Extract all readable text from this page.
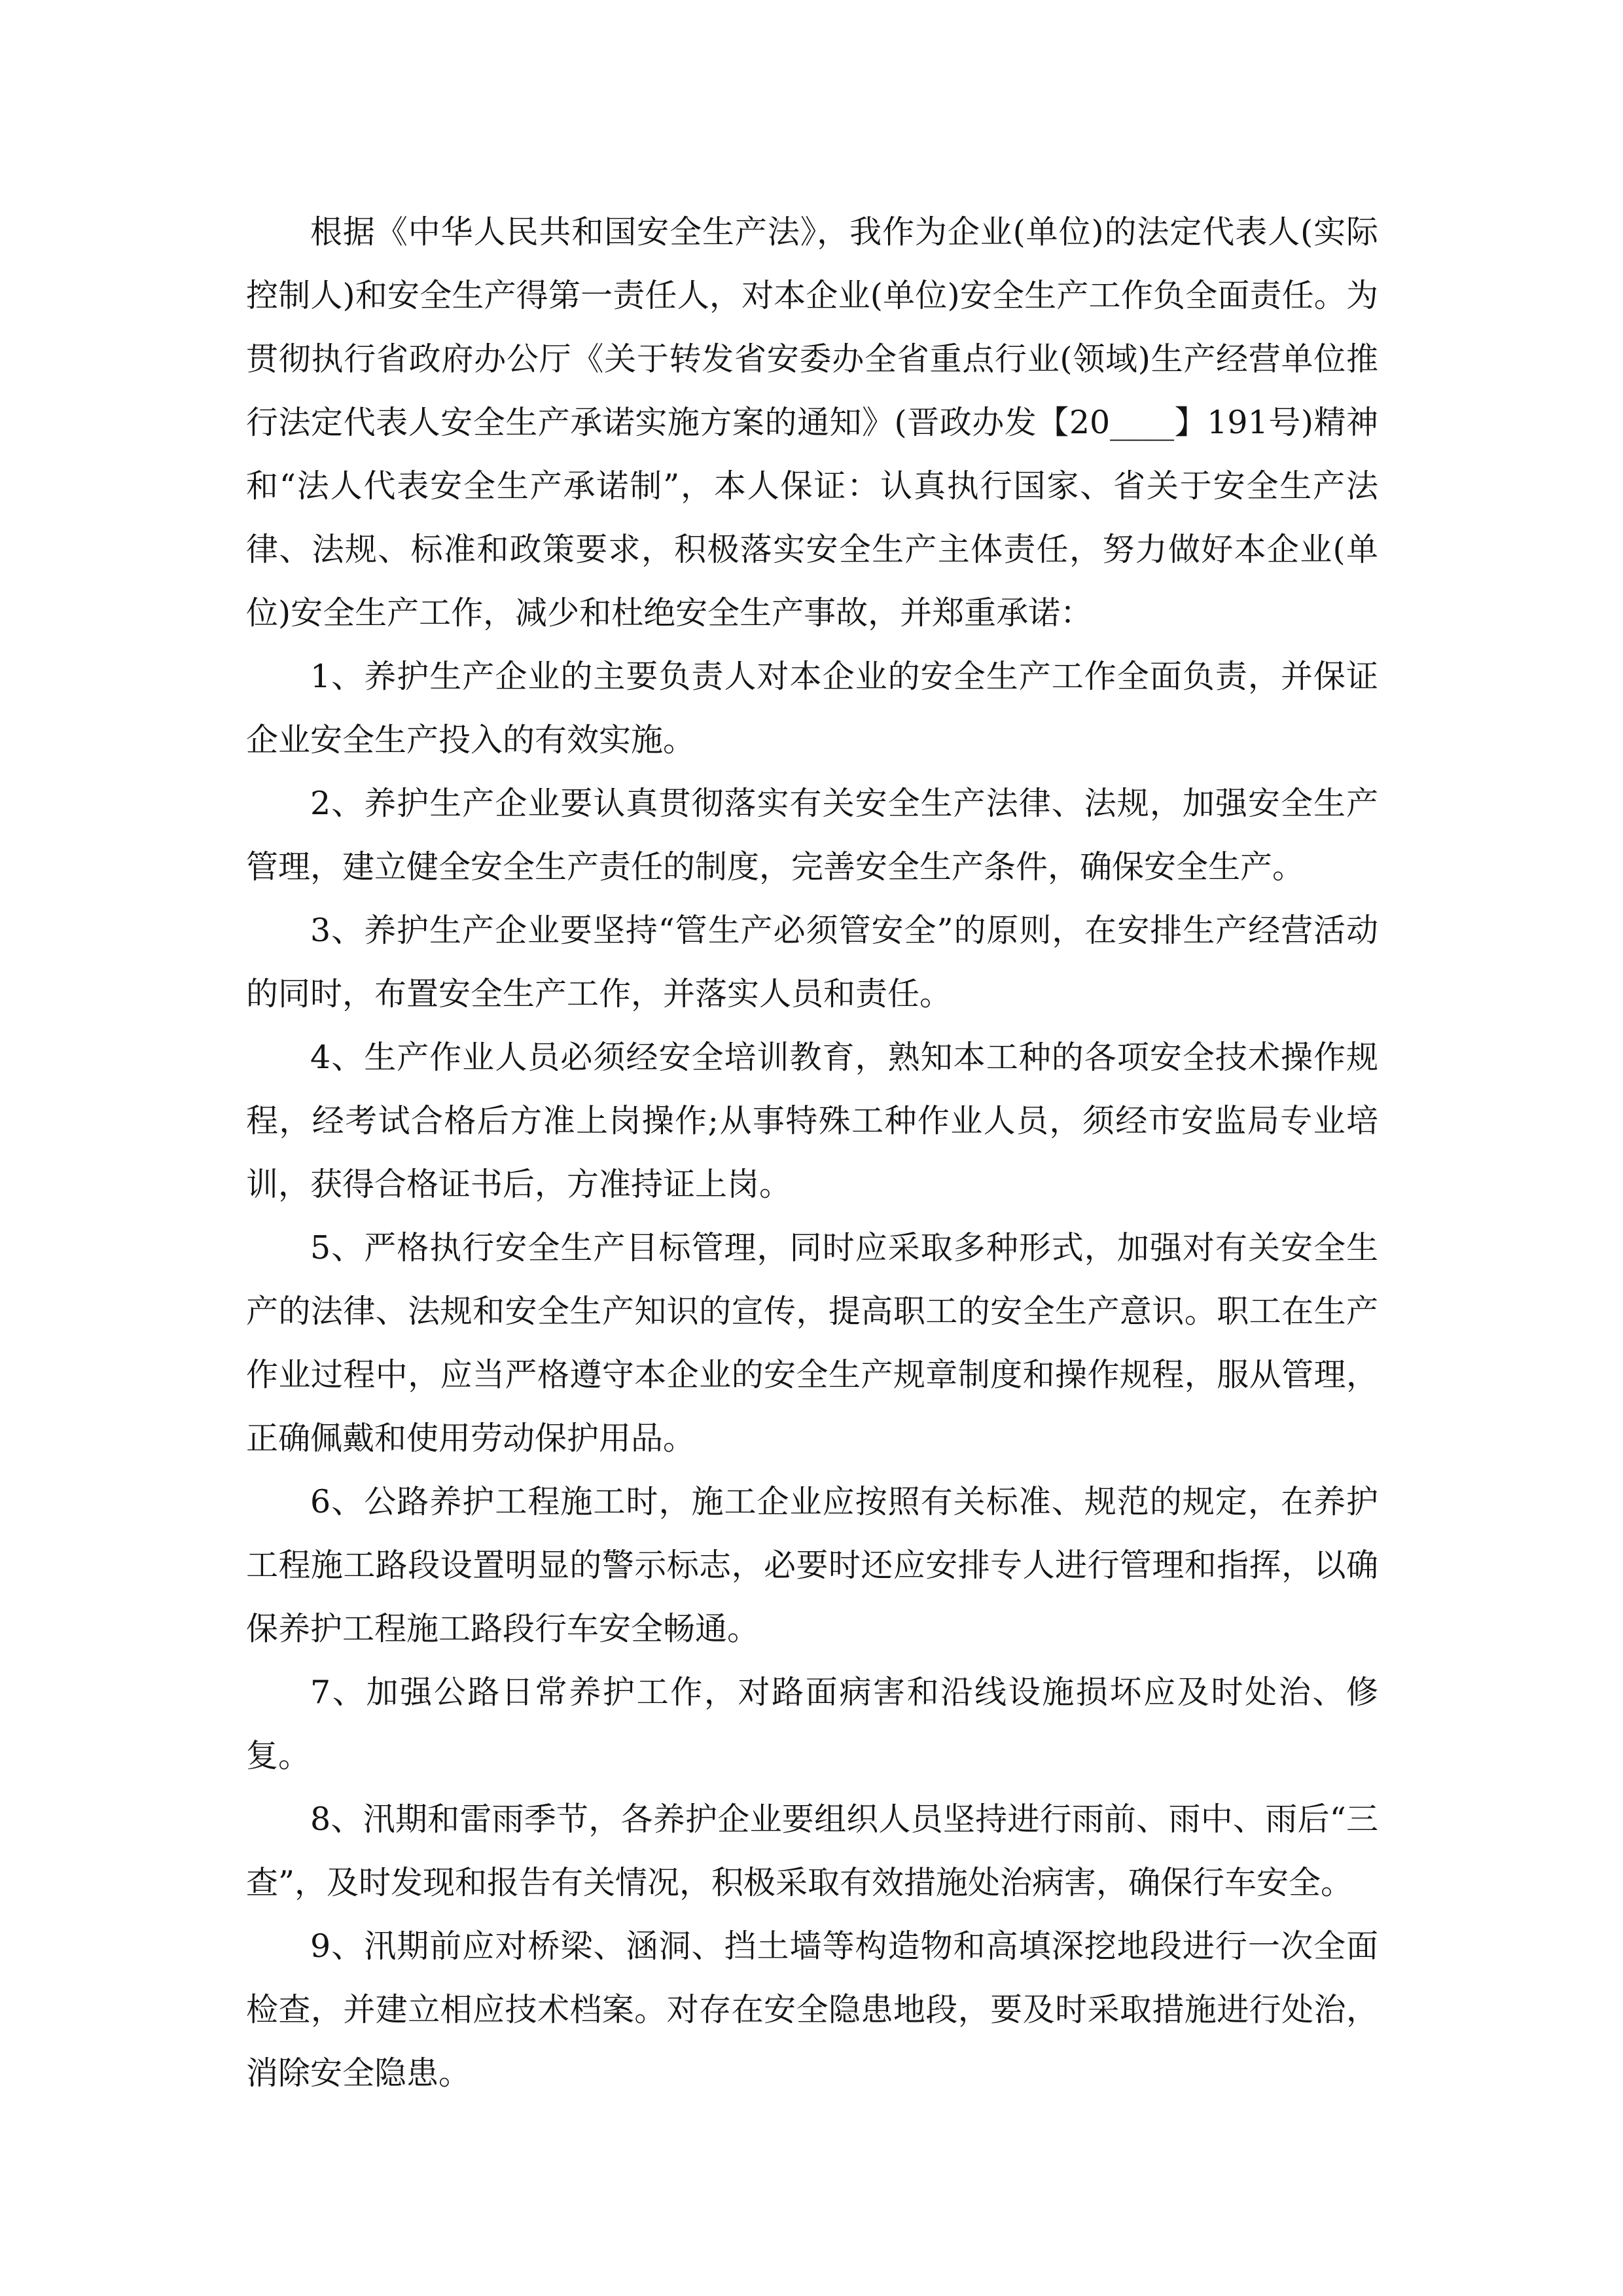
根据《中华人民共和国安全生产法》，我作为企业(单位)的法定代表人(实际控制人)和安全生产得第一责任人，对本企业(单位)安全生产工作负全面责任。为贯彻执行省政府办公厅《关于转发省安委办全省重点行业(领域)生产经营单位推行法定代表人安全生产承诺实施方案的通知》(晋政办发【20____】191号)精神和“法人代表安全生产承诺制”，本人保证：认真执行国家、省关于安全生产法律、法规、标准和政策要求，积极落实安全生产主体责任，努力做好本企业(单位)安全生产工作，减少和杜绝安全生产事故，并郑重承诺：

1、养护生产企业的主要负责人对本企业的安全生产工作全面负责，并保证企业安全生产投入的有效实施。

2、养护生产企业要认真贯彻落实有关安全生产法律、法规，加强安全生产管理，建立健全安全生产责任的制度，完善安全生产条件，确保安全生产。

3、养护生产企业要坚持“管生产必须管安全”的原则，在安排生产经营活动的同时，布置安全生产工作，并落实人员和责任。

4、生产作业人员必须经安全培训教育，熟知本工种的各项安全技术操作规程，经考试合格后方准上岗操作;从事特殊工种作业人员，须经市安监局专业培训，获得合格证书后，方准持证上岗。

5、严格执行安全生产目标管理，同时应采取多种形式，加强对有关安全生产的法律、法规和安全生产知识的宣传，提高职工的安全生产意识。职工在生产作业过程中，应当严格遵守本企业的安全生产规章制度和操作规程，服从管理，正确佩戴和使用劳动保护用品。

6、公路养护工程施工时，施工企业应按照有关标准、规范的规定，在养护工程施工路段设置明显的警示标志，必要时还应安排专人进行管理和指挥，以确保养护工程施工路段行车安全畅通。

7、加强公路日常养护工作，对路面病害和沿线设施损坏应及时处治、修复。

8、汛期和雷雨季节，各养护企业要组织人员坚持进行雨前、雨中、雨后“三查”，及时发现和报告有关情况，积极采取有效措施处治病害，确保行车安全。

9、汛期前应对桥梁、涵洞、挡土墙等构造物和高填深挖地段进行一次全面检查，并建立相应技术档案。对存在安全隐患地段，要及时采取措施进行处治，消除安全隐患。
